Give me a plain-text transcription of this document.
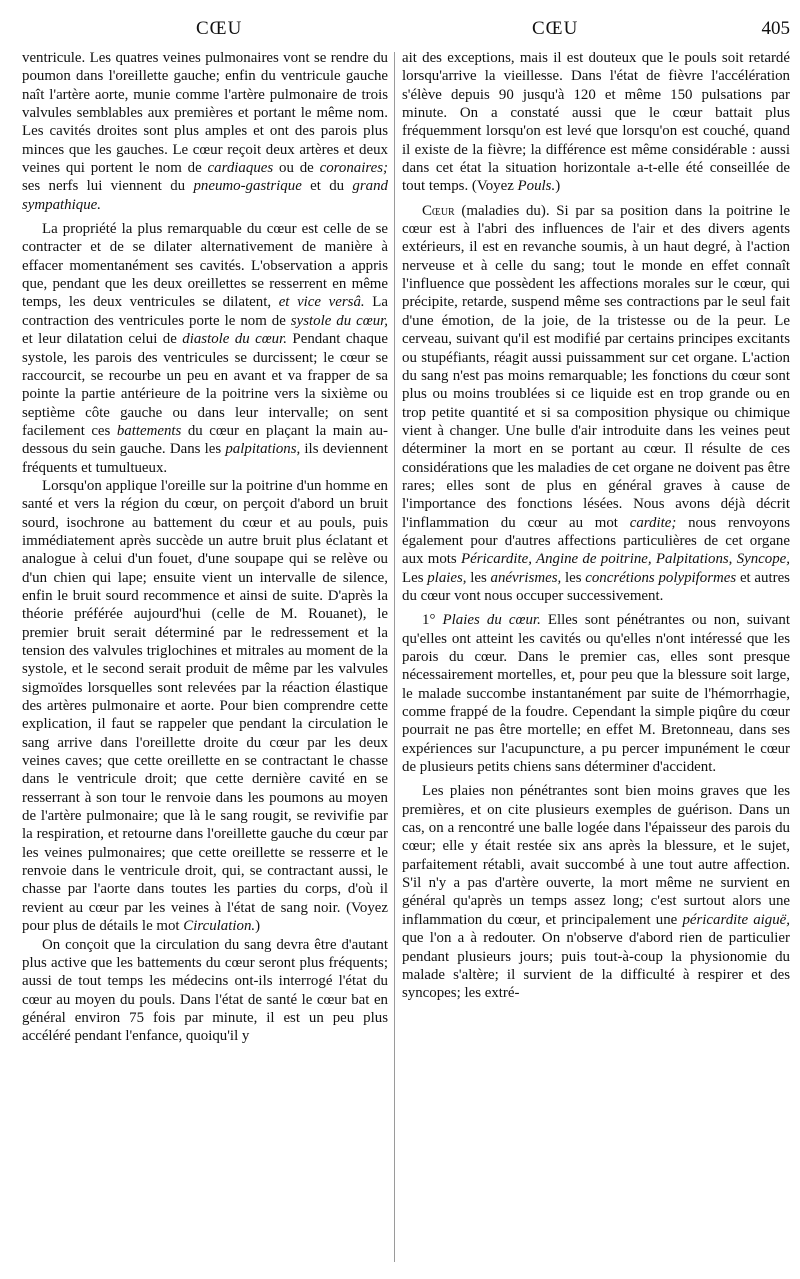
CŒU	CŒU	405

ventricule. Les quatres veines pulmonaires vont se rendre du poumon dans l'oreillette gauche; enfin du ventricule gauche naît l'artère aorte, munie comme l'artère pulmonaire de trois valvules semblables aux premières et portant le même nom. Les cavités droites sont plus amples et ont des parois plus minces que les gauches. Le cœur reçoit deux artères et deux veines qui portent le nom de cardiaques ou de coronaires; ses nerfs lui viennent du pneumo-gastrique et du grand sympathique.

La propriété la plus remarquable du cœur est celle de se contracter et de se dilater alternativement de manière à effacer momentanément ses cavités. L'observation a appris que, pendant que les deux oreillettes se resserrent en même temps, les deux ventricules se dilatent, et vice versâ. La contraction des ventricules porte le nom de systole du cœur, et leur dilatation celui de diastole du cœur. Pendant chaque systole, les parois des ventricules se durcissent; le cœur se raccourcit, se recourbe un peu en avant et va frapper de sa pointe la partie antérieure de la poitrine vers la sixième ou septième côte gauche ou dans leur intervalle; on sent facilement ces battements du cœur en plaçant la main au-dessous du sein gauche. Dans les palpitations, ils deviennent fréquents et tumultueux.

Lorsqu'on applique l'oreille sur la poitrine d'un homme en santé et vers la région du cœur, on perçoit d'abord un bruit sourd, isochrone au battement du cœur et au pouls, puis immédiatement après succède un autre bruit plus éclatant et analogue à celui d'un fouet, d'une soupape qui se relève ou d'un chien qui lape; ensuite vient un intervalle de silence, enfin le bruit sourd recommence et ainsi de suite. D'après la théorie préférée aujourd'hui (celle de M. Rouanet), le premier bruit serait déterminé par le redressement et la tension des valvules triglochines et mitrales au moment de la systole, et le second serait produit de même par les valvules sigmoïdes lorsquelles sont relevées par la réaction élastique des artères pulmonaire et aorte. Pour bien comprendre cette explication, il faut se rappeler que pendant la circulation le sang arrive dans l'oreillette droite du cœur par les deux veines caves; que cette oreillette en se contractant le chasse dans le ventricule droit; que cette dernière cavité en se resserrant à son tour le renvoie dans les poumons au moyen de l'artère pulmonaire; que là le sang rougit, se revivifie par la respiration, et retourne dans l'oreillette gauche du cœur par les veines pulmonaires; que cette oreillette se resserre et le renvoie dans le ventricule droit, qui, se contractant aussi, le chasse par l'aorte dans toutes les parties du corps, d'où il revient au cœur par les veines à l'état de sang noir. (Voyez pour plus de détails le mot Circulation.)

On conçoit que la circulation du sang devra être d'autant plus active que les battements du cœur seront plus fréquents; aussi de tout temps les médecins ont-ils interrogé l'état du cœur au moyen du pouls. Dans l'état de santé le cœur bat en général environ 75 fois par minute, il est un peu plus accéléré pendant l'enfance, quoiqu'il y

ait des exceptions, mais il est douteux que le pouls soit retardé lorsqu'arrive la vieillesse. Dans l'état de fièvre l'accélération s'élève depuis 90 jusqu'à 120 et même 150 pulsations par minute. On a constaté aussi que le cœur battait plus fréquemment lorsqu'on est levé que lorsqu'on est couché, quand il existe de la fièvre; la différence est même considérable : aussi dans cet état la situation horizontale a-t-elle été conseillée de tout temps. (Voyez Pouls.)

Cœur (maladies du). Si par sa position dans la poitrine le cœur est à l'abri des influences de l'air et des divers agents extérieurs, il est en revanche soumis, à un haut degré, à l'action nerveuse et à celle du sang; tout le monde en effet connaît l'influence que possèdent les affections morales sur le cœur, qui précipite, retarde, suspend même ses contractions par le seul fait d'une émotion, de la joie, de la tristesse ou de la peur. Le cerveau, suivant qu'il est modifié par certains principes excitants ou stupéfiants, réagit aussi puissamment sur cet organe. L'action du sang n'est pas moins remarquable; les fonctions du cœur sont plus ou moins troublées si ce liquide est en trop grande ou en trop petite quantité et si sa composition physique ou chimique vient à changer. Une bulle d'air introduite dans les veines peut déterminer la mort en se portant au cœur. Il résulte de ces considérations que les maladies de cet organe ne doivent pas être rares; elles sont de plus en général graves à cause de l'importance des fonctions lésées. Nous avons déjà décrit l'inflammation du cœur au mot cardite; nous renvoyons également pour d'autres affections particulières de cet organe aux mots Péricardite, Angine de poitrine, Palpitations, Syncope, Les plaies, les anévrismes, les concrétions polypiformes et autres du cœur vont nous occuper successivement.

1° Plaies du cœur. Elles sont pénétrantes ou non, suivant qu'elles ont atteint les cavités ou qu'elles n'ont intéressé que les parois du cœur. Dans le premier cas, elles sont presque nécessairement mortelles, et, pour peu que la blessure soit large, le malade succombe instantanément par suite de l'hémorrhagie, comme frappé de la foudre. Cependant la simple piqûre du cœur pourrait ne pas être mortelle; en effet M. Bretonneau, dans ses expériences sur l'acupuncture, a pu percer impunément le cœur de plusieurs petits chiens sans déterminer d'accident.

Les plaies non pénétrantes sont bien moins graves que les premières, et on cite plusieurs exemples de guérison. Dans un cas, on a rencontré une balle logée dans l'épaisseur des parois du cœur; elle y était restée six ans après la blessure, et le sujet, parfaitement rétabli, avait succombé à une tout autre affection. S'il n'y a pas d'artère ouverte, la mort même ne survient en général qu'après un temps assez long; c'est surtout alors une inflammation du cœur, et principalement une péricardite aiguë, que l'on a à redouter. On n'observe d'abord rien de particulier pendant plusieurs jours; puis tout-à-coup la physionomie du malade s'altère; il survient de la difficulté à respirer et des syncopes; les extré-
